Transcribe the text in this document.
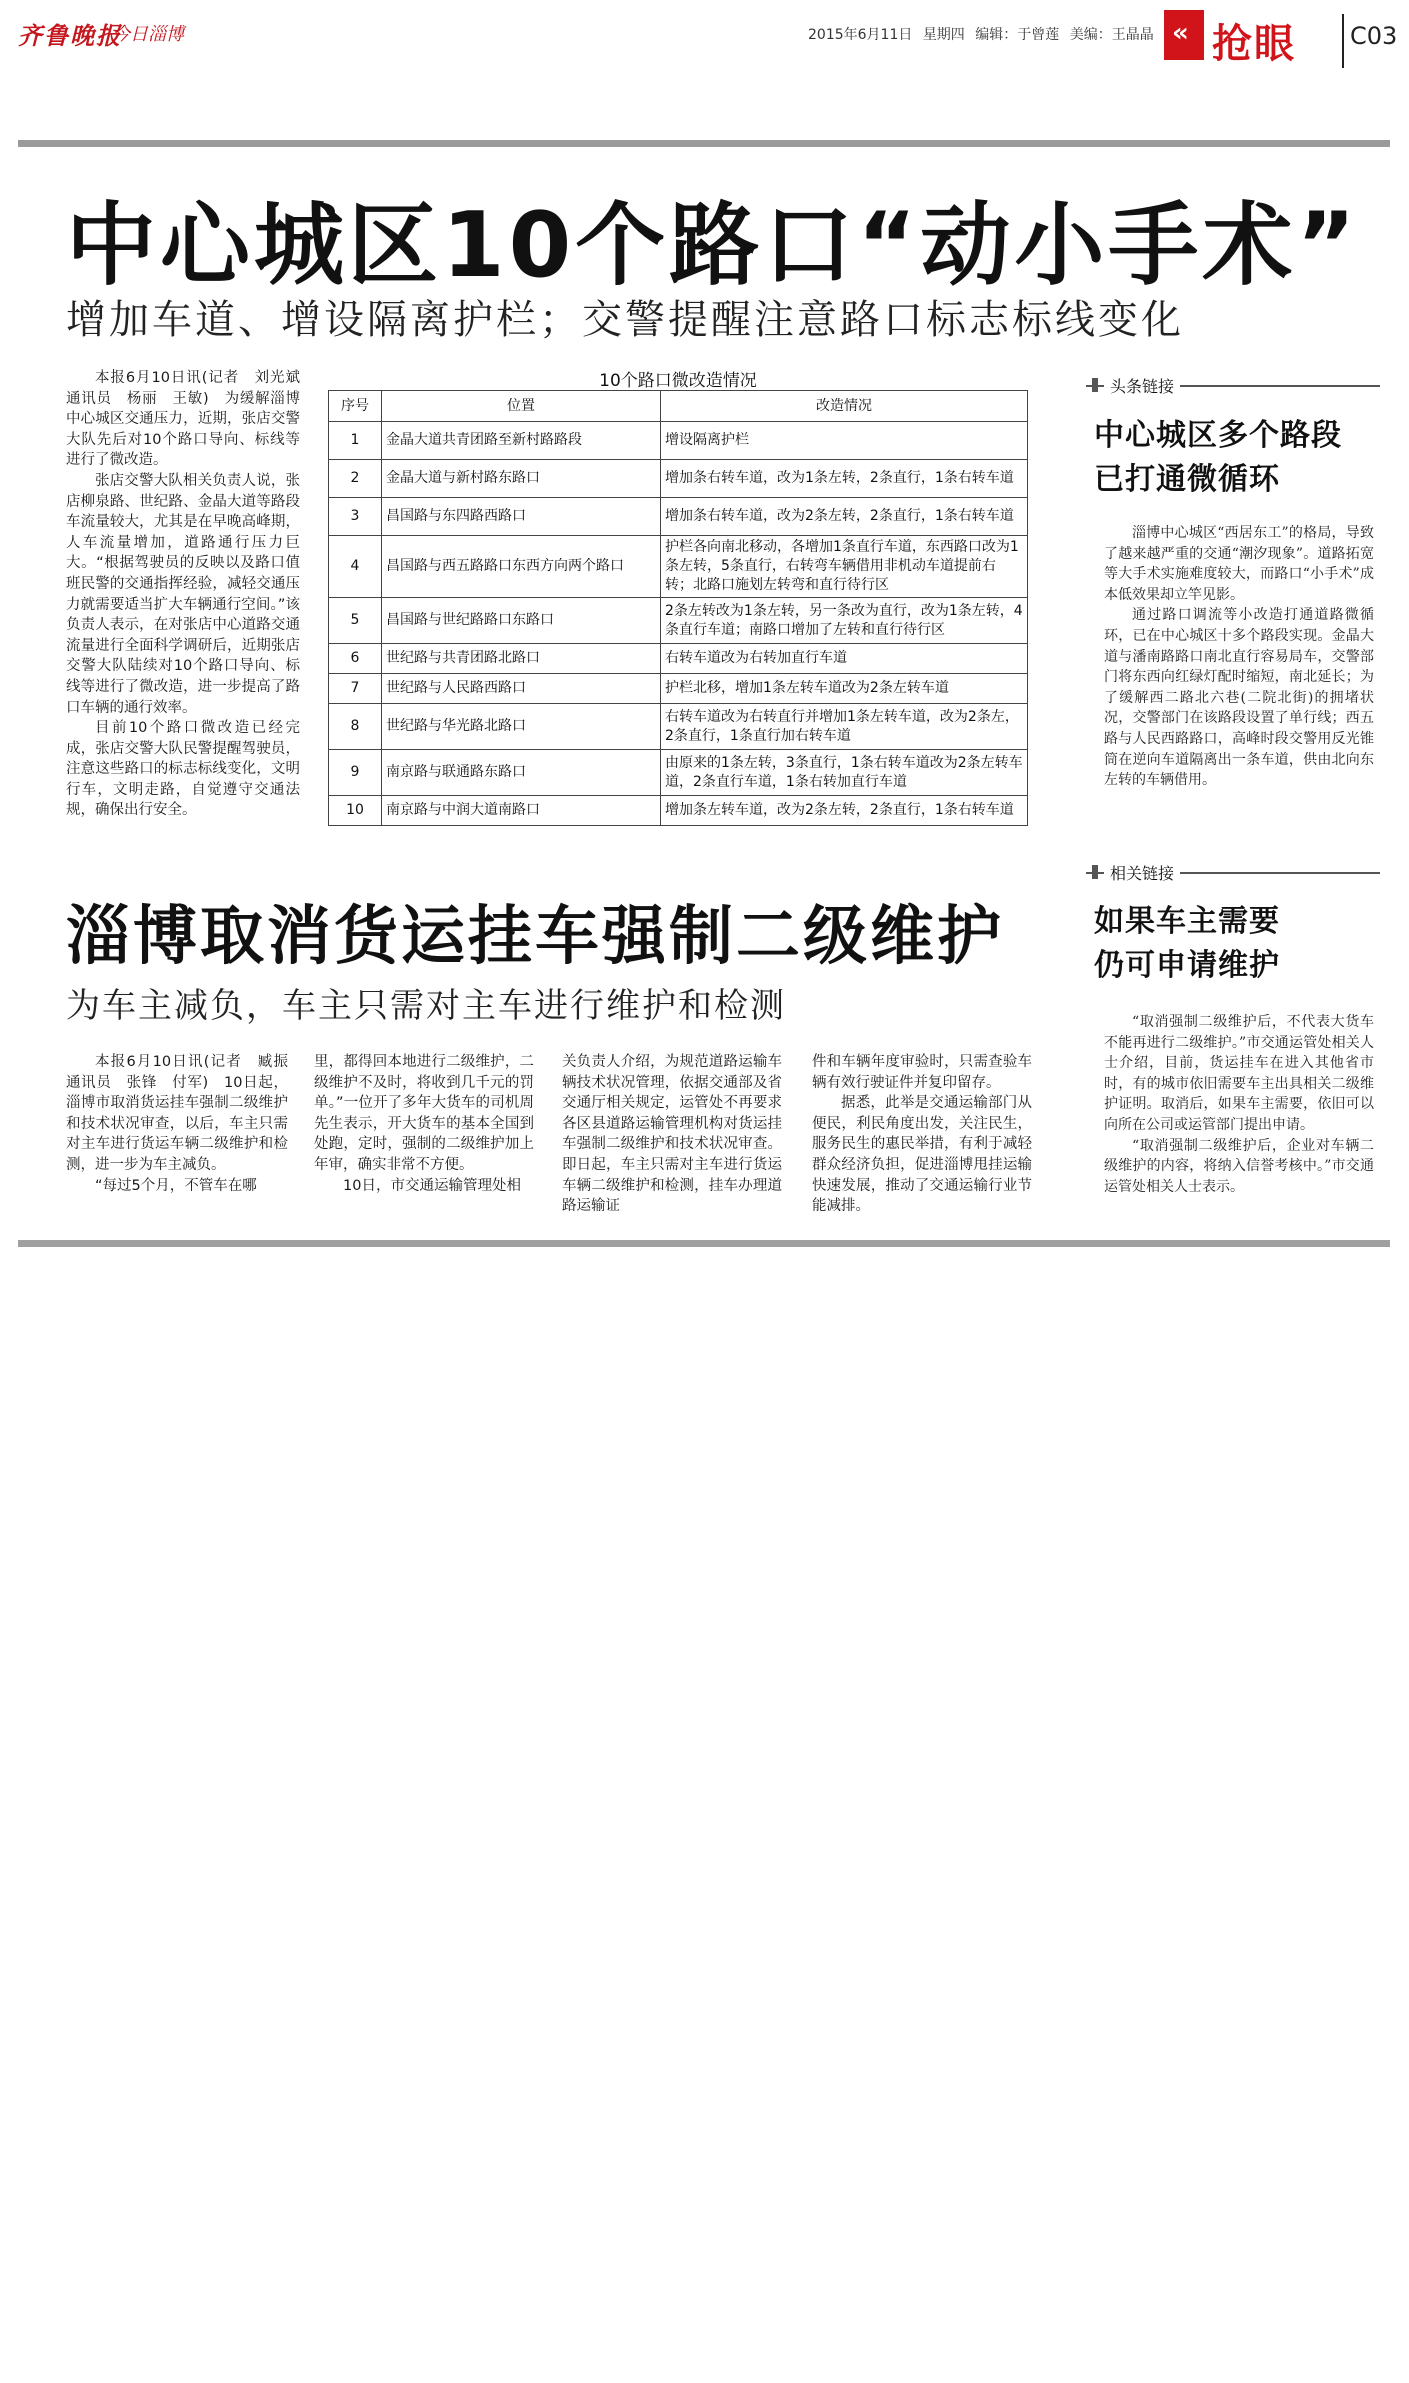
齐鲁晚报
今日淄博	2015年6月11日 星期四 编辑：于曾莲 美编：王晶晶 « 抢眼 C03
中心城区10个路口“动小手术”
增加车道、增设隔离护栏；交警提醒注意路口标志标线变化

本报6月10日讯(记者　刘光斌　通讯员　杨丽　王敏)　为缓解淄博中心城区交通压力，近期，张店交警大队先后对10个路口导向、标线等进行了微改造。

张店交警大队相关负责人说，张店柳泉路、世纪路、金晶大道等路段车流量较大，尤其是在早晚高峰期，人车流量增加，道路通行压力巨大。“根据驾驶员的反映以及路口值班民警的交通指挥经验，减轻交通压力就需要适当扩大车辆通行空间。”该负责人表示，在对张店中心道路交通流量进行全面科学调研后，近期张店交警大队陆续对10个路口导向、标线等进行了微改造，进一步提高了路口车辆的通行效率。

目前10个路口微改造已经完成，张店交警大队民警提醒驾驶员，注意这些路口的标志标线变化，文明行车，文明走路，自觉遵守交通法规，确保出行安全。

10个路口微改造情况
序号	位置	改造情况
1	金晶大道共青团路至新村路路段	增设隔离护栏
2	金晶大道与新村路东路口	增加条右转车道，改为1条左转，2条直行，1条右转车道
3	昌国路与东四路西路口	增加条右转车道，改为2条左转，2条直行，1条右转车道
4	昌国路与西五路路口东西方向两个路口	护栏各向南北移动，各增加1条直行车道，东西路口改为1条左转，5条直行，右转弯车辆借用非机动车道提前右转；北路口施划左转弯和直行待行区
5	昌国路与世纪路路口东路口	2条左转改为1条左转，另一条改为直行，改为1条左转，4条直行车道；南路口增加了左转和直行待行区
6	世纪路与共青团路北路口	右转车道改为右转加直行车道
7	世纪路与人民路西路口	护栏北移，增加1条左转车道改为2条左转车道
8	世纪路与华光路北路口	右转车道改为右转直行并增加1条左转车道，改为2条左，2条直行，1条直行加右转车道
9	南京路与联通路东路口	由原来的1条左转，3条直行，1条右转车道改为2条左转车道，2条直行车道，1条右转加直行车道
10	南京路与中润大道南路口	增加条左转车道，改为2条左转，2条直行，1条右转车道
淄博取消货运挂车强制二级维护
为车主减负，车主只需对主车进行维护和检测

本报6月10日讯(记者　臧振　通讯员　张锋　付军)　10日起，淄博市取消货运挂车强制二级维护和技术状况审查，以后，车主只需对主车进行货运车辆二级维护和检测，进一步为车主减负。

“每过5个月，不管车在哪

里，都得回本地进行二级维护，二级维护不及时，将收到几千元的罚单。”一位开了多年大货车的司机周先生表示，开大货车的基本全国到处跑，定时，强制的二级维护加上年审，确实非常不方便。

10日，市交通运输管理处相

关负责人介绍，为规范道路运输车辆技术状况管理，依据交通部及省交通厅相关规定，运管处不再要求各区县道路运输管理机构对货运挂车强制二级维护和技术状况审查。即日起，车主只需对主车进行货运车辆二级维护和检测，挂车办理道路运输证

件和车辆年度审验时，只需查验车辆有效行驶证件并复印留存。

据悉，此举是交通运输部门从便民，利民角度出发，关注民生，服务民生的惠民举措，有利于减轻群众经济负担，促进淄博甩挂运输快速发展，推动了交通运输行业节能减排。

头条链接
中心城区多个路段
已打通微循环

淄博中心城区“西居东工”的格局，导致了越来越严重的交通“潮汐现象”。道路拓宽等大手术实施难度较大，而路口“小手术”成本低效果却立竿见影。

通过路口调流等小改造打通道路微循环，已在中心城区十多个路段实现。金晶大道与潘南路路口南北直行容易局车，交警部门将东西向红绿灯配时缩短，南北延长；为了缓解西二路北六巷(二院北街)的拥堵状况，交警部门在该路段设置了单行线；西五路与人民西路路口，高峰时段交警用反光锥筒在逆向车道隔离出一条车道，供由北向东左转的车辆借用。

相关链接
如果车主需要
仍可申请维护

“取消强制二级维护后，不代表大货车不能再进行二级维护。”市交通运管处相关人士介绍，目前，货运挂车在进入其他省市时，有的城市依旧需要车主出具相关二级维护证明。取消后，如果车主需要，依旧可以向所在公司或运管部门提出申请。

“取消强制二级维护后，企业对车辆二级维护的内容，将纳入信誉考核中。”市交通运管处相关人士表示。
